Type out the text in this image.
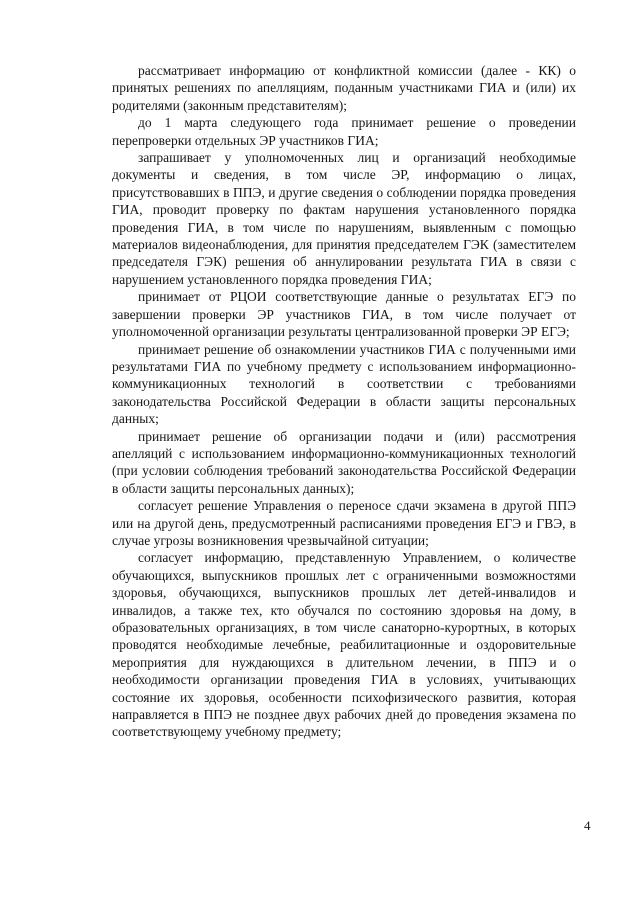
рассматривает информацию от конфликтной комиссии (далее - КК) о принятых решениях по апелляциям, поданным участниками ГИА и (или) их родителями (законным представителям);

до 1 марта следующего года принимает решение о проведении перепроверки отдельных ЭР участников ГИА;

запрашивает у уполномоченных лиц и организаций необходимые документы и сведения, в том числе ЭР, информацию о лицах, присутствовавших в ППЭ, и другие сведения о соблюдении порядка проведения ГИА, проводит проверку по фактам нарушения установленного порядка проведения ГИА, в том числе по нарушениям, выявленным с помощью материалов видеонаблюдения, для принятия председателем ГЭК (заместителем председателя ГЭК) решения об аннулировании результата ГИА в связи с нарушением установленного порядка проведения ГИА;

принимает от РЦОИ соответствующие данные о результатах ЕГЭ по завершении проверки ЭР участников ГИА, в том числе получает от уполномоченной организации результаты централизованной проверки ЭР ЕГЭ;

принимает решение об ознакомлении участников ГИА с полученными ими результатами ГИА по учебному предмету с использованием информационно-коммуникационных технологий в соответствии с требованиями законодательства Российской Федерации в области защиты персональных данных;

принимает решение об организации подачи и (или) рассмотрения апелляций с использованием информационно-коммуникационных технологий (при условии соблюдения требований законодательства Российской Федерации в области защиты персональных данных);

согласует решение Управления о переносе сдачи экзамена в другой ППЭ или на другой день, предусмотренный расписаниями проведения ЕГЭ и ГВЭ, в случае угрозы возникновения чрезвычайной ситуации;

согласует информацию, представленную Управлением, о количестве обучающихся, выпускников прошлых лет с ограниченными возможностями здоровья, обучающихся, выпускников прошлых лет детей-инвалидов и инвалидов, а также тех, кто обучался по состоянию здоровья на дому, в образовательных организациях, в том числе санаторно-курортных, в которых проводятся необходимые лечебные, реабилитационные и оздоровительные мероприятия для нуждающихся в длительном лечении, в ППЭ и о необходимости организации проведения ГИА в условиях, учитывающих состояние их здоровья, особенности психофизического развития, которая направляется в ППЭ не позднее двух рабочих дней до проведения экзамена по соответствующему учебному предмету;

4
